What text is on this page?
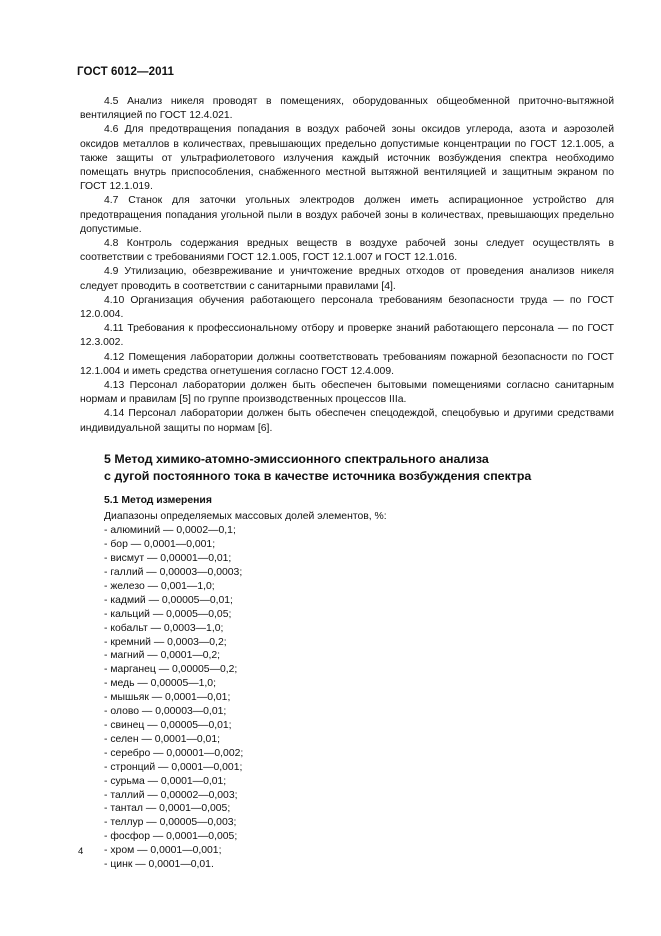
ГОСТ 6012—2011

4.5 Анализ никеля проводят в помещениях, оборудованных общеобменной приточно-вытяжной вентиляцией по ГОСТ 12.4.021.

4.6 Для предотвращения попадания в воздух рабочей зоны оксидов углерода, азота и аэрозолей оксидов металлов в количествах, превышающих предельно допустимые концентрации по ГОСТ 12.1.005, а также защиты от ультрафиолетового излучения каждый источник возбуждения спектра необходимо помещать внутрь приспособления, снабженного местной вытяжной вентиляцией и защитным экраном по ГОСТ 12.1.019.

4.7 Станок для заточки угольных электродов должен иметь аспирационное устройство для предотвращения попадания угольной пыли в воздух рабочей зоны в количествах, превышающих предельно допустимые.

4.8 Контроль содержания вредных веществ в воздухе рабочей зоны следует осуществлять в соответствии с требованиями ГОСТ 12.1.005, ГОСТ 12.1.007 и ГОСТ 12.1.016.

4.9 Утилизацию, обезвреживание и уничтожение вредных отходов от проведения анализов никеля следует проводить в соответствии с санитарными правилами [4].

4.10 Организация обучения работающего персонала требованиям безопасности труда — по ГОСТ 12.0.004.

4.11 Требования к профессиональному отбору и проверке знаний работающего персонала — по ГОСТ 12.3.002.

4.12 Помещения лаборатории должны соответствовать требованиям пожарной безопасности по ГОСТ 12.1.004 и иметь средства огнетушения согласно ГОСТ 12.4.009.

4.13 Персонал лаборатории должен быть обеспечен бытовыми помещениями согласно санитарным нормам и правилам [5] по группе производственных процессов IIIа.

4.14 Персонал лаборатории должен быть обеспечен спецодеждой, спецобувью и другими средствами индивидуальной защиты по нормам [6].

5 Метод химико-атомно-эмиссионного спектрального анализа
с дугой постоянного тока в качестве источника возбуждения спектра
5.1 Метод измерения
Диапазоны определяемых массовых долей элементов, %:
- алюминий — 0,0002—0,1;
- бор — 0,0001—0,001;
- висмут — 0,00001—0,01;
- галлий — 0,00003—0,0003;
- железо — 0,001—1,0;
- кадмий — 0,00005—0,01;
- кальций — 0,0005—0,05;
- кобальт — 0,0003—1,0;
- кремний — 0,0003—0,2;
- магний — 0,0001—0,2;
- марганец — 0,00005—0,2;
- медь — 0,00005—1,0;
- мышьяк — 0,0001—0,01;
- олово — 0,00003—0,01;
- свинец — 0,00005—0,01;
- селен — 0,0001—0,01;
- серебро — 0,00001—0,002;
- стронций — 0,0001—0,001;
- сурьма — 0,0001—0,01;
- таллий — 0,00002—0,003;
- тантал — 0,0001—0,005;
- теллур — 0,00005—0,003;
- фосфор — 0,0001—0,005;
- хром — 0,0001—0,001;
- цинк — 0,0001—0,01.
4
